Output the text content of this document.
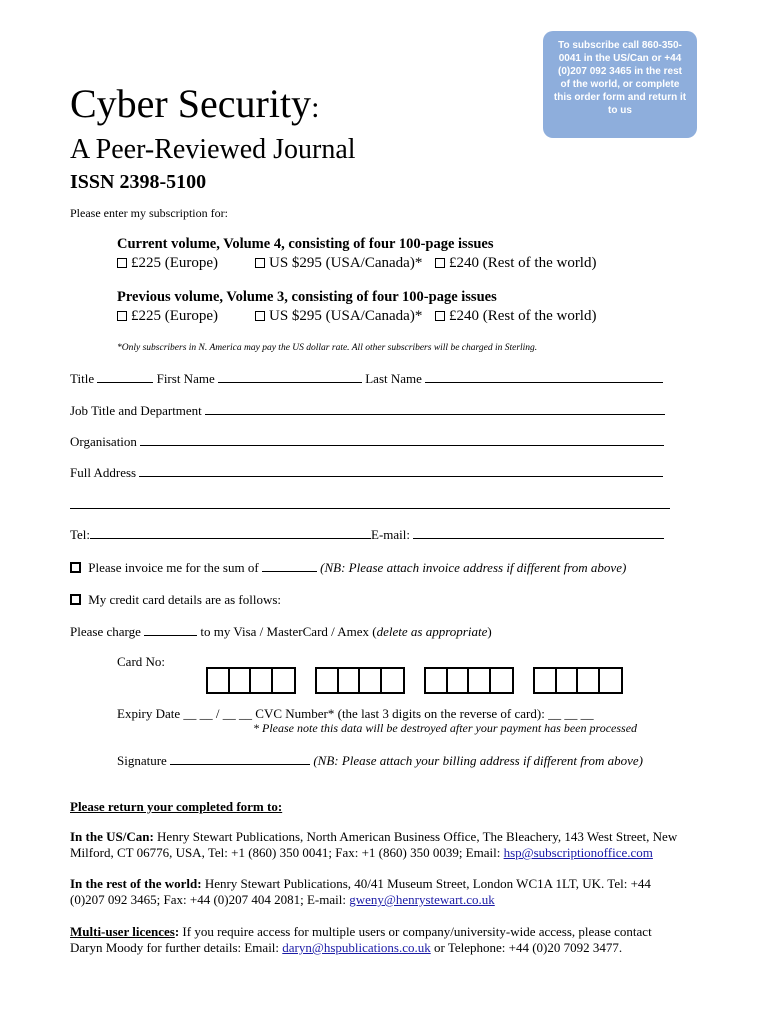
To subscribe call 860-350-0041 in the US/Can or +44 (0)207 092 3465 in the rest of the world, or complete this order form and return it to us
Cyber Security:
A Peer-Reviewed Journal
ISSN 2398-5100
Please enter my subscription for:
Current volume, Volume 4, consisting of four 100-page issues
£225 (Europe)	US $295 (USA/Canada)*	£240 (Rest of the world)
Previous volume, Volume 3, consisting of four 100-page issues
£225 (Europe)	US $295 (USA/Canada)*	£240 (Rest of the world)
*Only subscribers in N. America may pay the US dollar rate. All other subscribers will be charged in Sterling.
Title	First Name	Last Name
Job Title and Department
Organisation
Full Address
Tel:	E-mail:
Please invoice me for the sum of	(NB: Please attach invoice address if different from above)
My credit card details are as follows:
Please charge	to my Visa / MasterCard / Amex (delete as appropriate)
Card No:
Expiry Date __ __ / __ __ CVC Number* (the last 3 digits on the reverse of card): __ __ __
* Please note this data will be destroyed after your payment has been processed
Signature	(NB: Please attach your billing address if different from above)
Please return your completed form to:
In the US/Can: Henry Stewart Publications, North American Business Office, The Bleachery, 143 West Street, New Milford, CT 06776, USA, Tel: +1 (860) 350 0041; Fax: +1 (860) 350 0039; Email: hsp@subscriptionoffice.com
In the rest of the world: Henry Stewart Publications, 40/41 Museum Street, London WC1A 1LT, UK. Tel: +44 (0)207 092 3465; Fax: +44 (0)207 404 2081; E-mail: gweny@henrystewart.co.uk
Multi-user licences: If you require access for multiple users or company/university-wide access, please contact Daryn Moody for further details: Email: daryn@hspublications.co.uk or Telephone: +44 (0)20 7092 3477.
